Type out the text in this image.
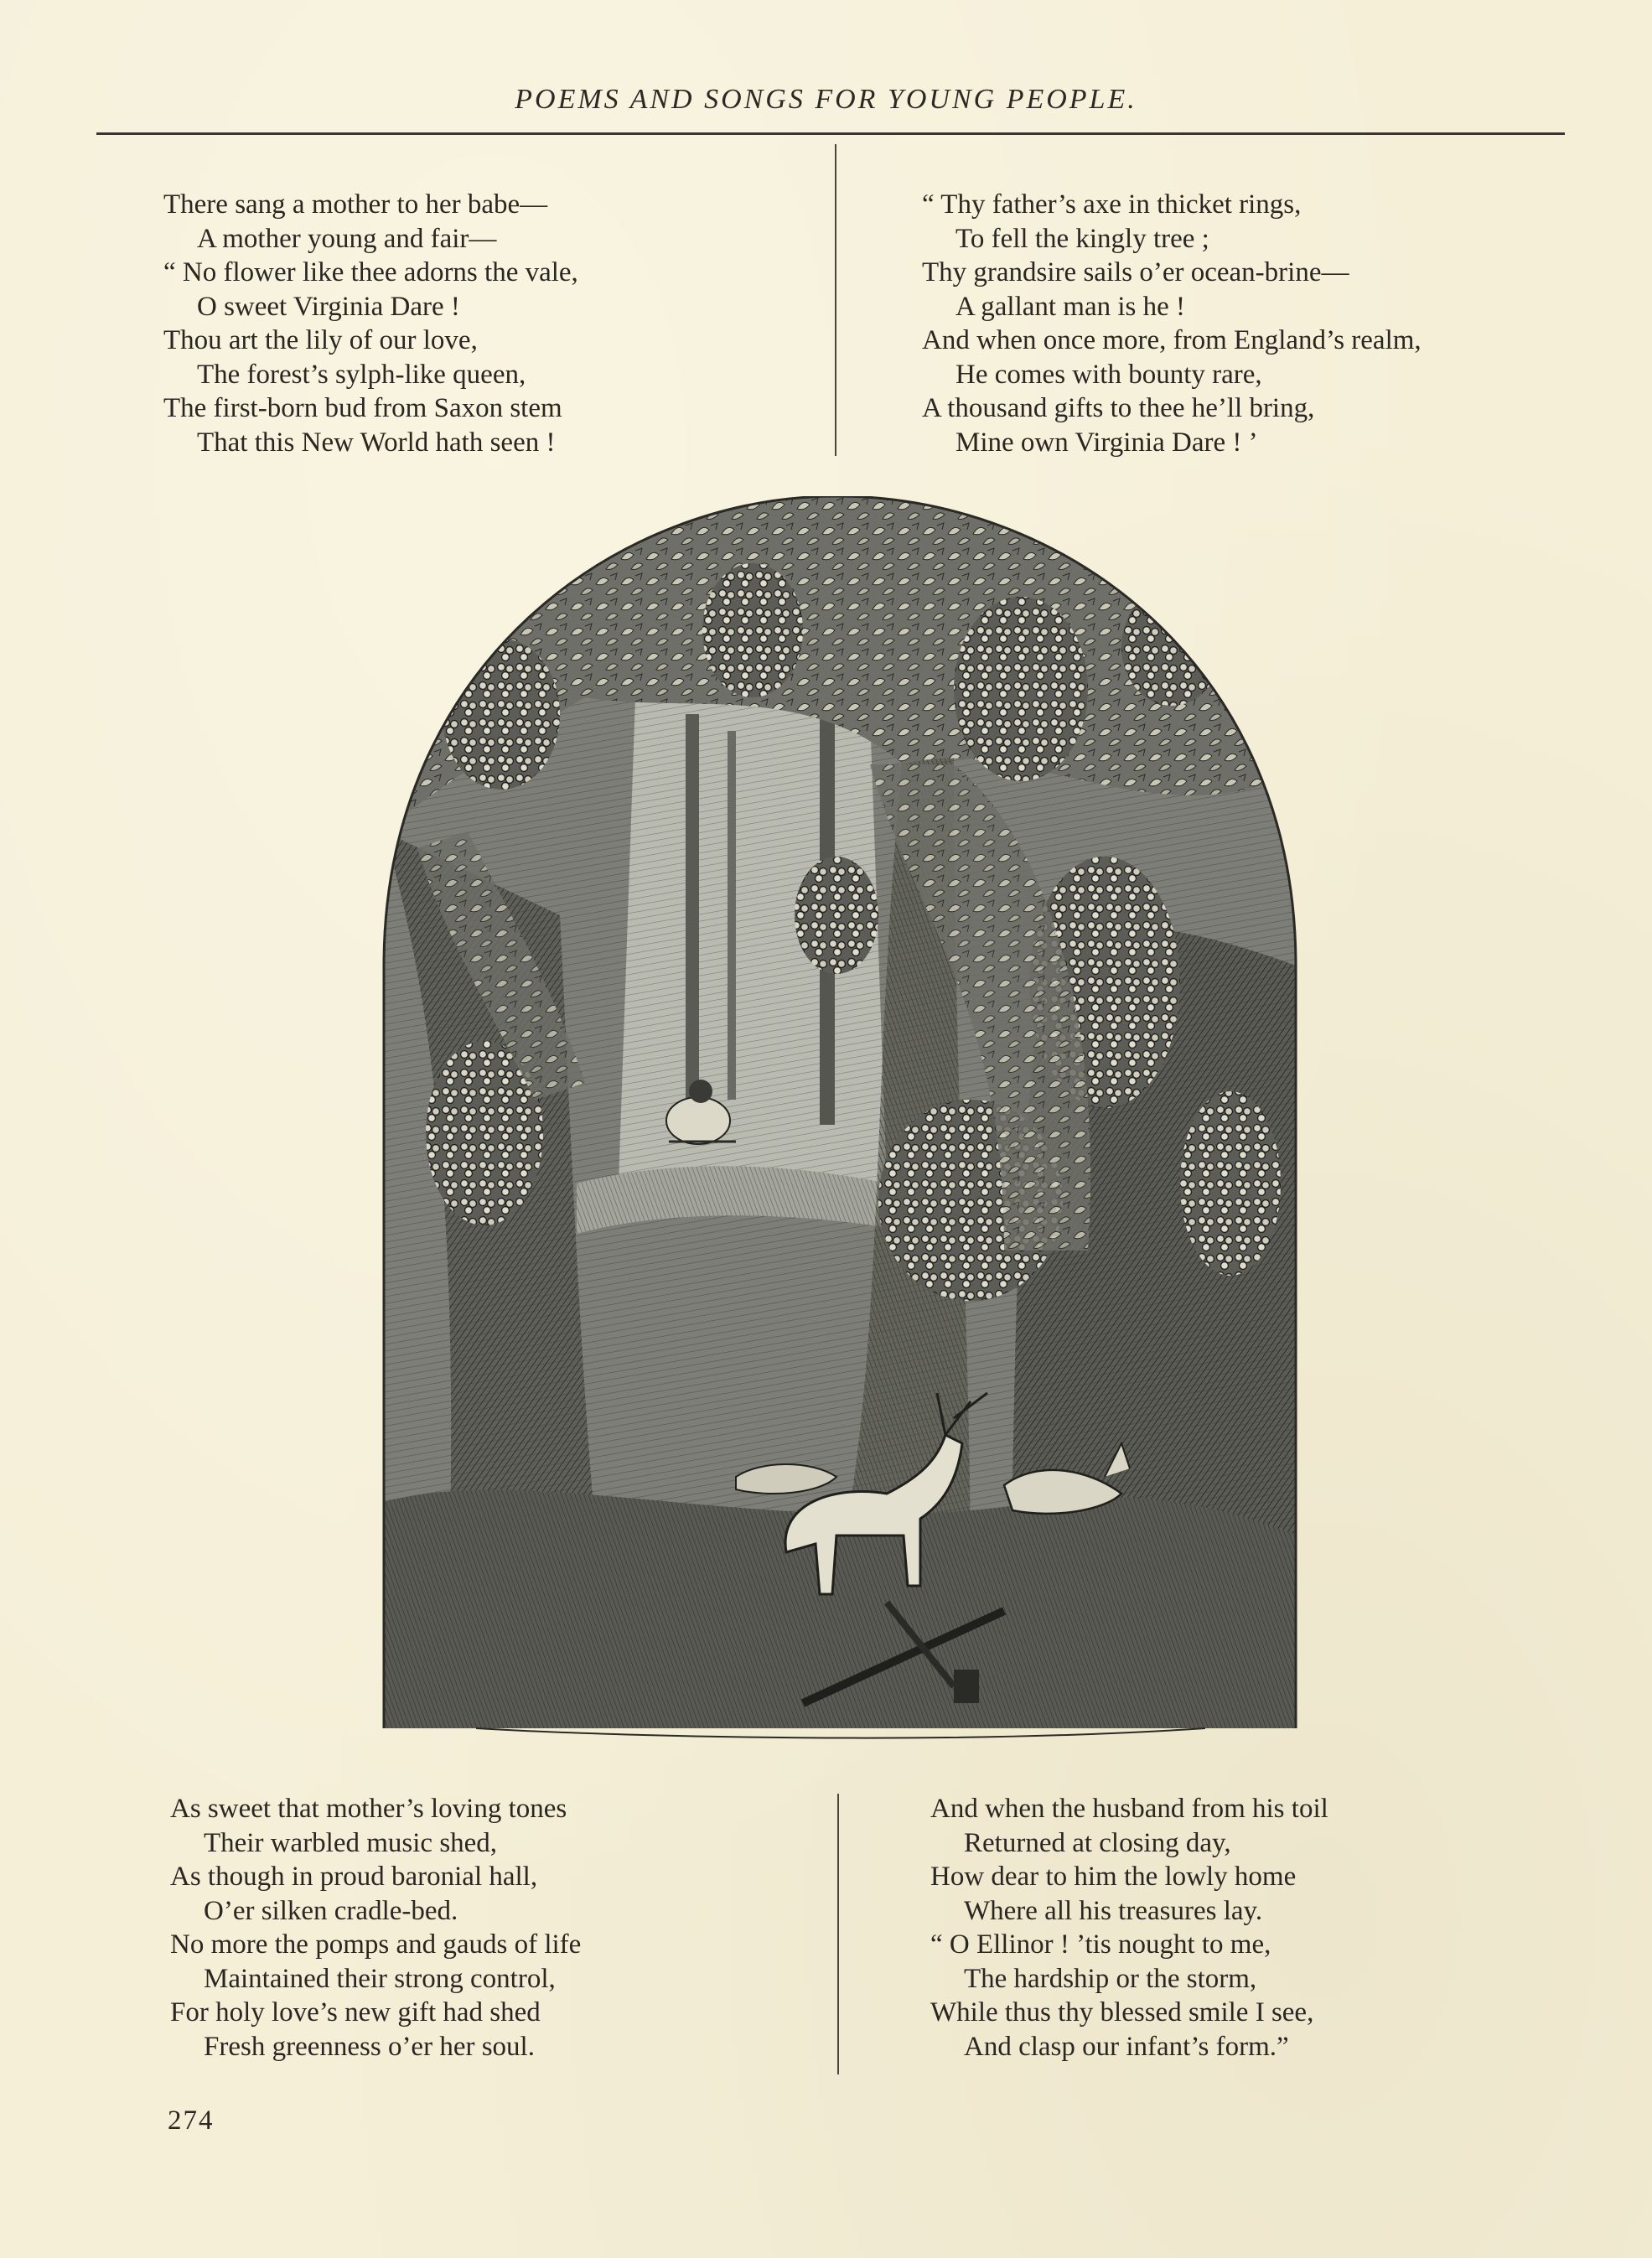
POEMS AND SONGS FOR YOUNG PEOPLE.
There sang a mother to her babe—
A mother young and fair—
“ No flower like thee adorns the vale,
O sweet Virginia Dare !
Thou art the lily of our love,
The forest’s sylph-like queen,
The first-born bud from Saxon stem
That this New World hath seen !
“ Thy father’s axe in thicket rings,
To fell the kingly tree ;
Thy grandsire sails o’er ocean-brine—
A gallant man is he !
And when once more, from England’s realm,
He comes with bounty rare,
A thousand gifts to thee he’ll bring,
Mine own Virginia Dare ! ’
As sweet that mother’s loving tones
Their warbled music shed,
As though in proud baronial hall,
O’er silken cradle-bed.
No more the pomps and gauds of life
Maintained their strong control,
For holy love’s new gift had shed
Fresh greenness o’er her soul.
And when the husband from his toil
Returned at closing day,
How dear to him the lowly home
Where all his treasures lay.
“ O Ellinor ! ’tis nought to me,
The hardship or the storm,
While thus thy blessed smile I see,
And clasp our infant’s form.”
274
